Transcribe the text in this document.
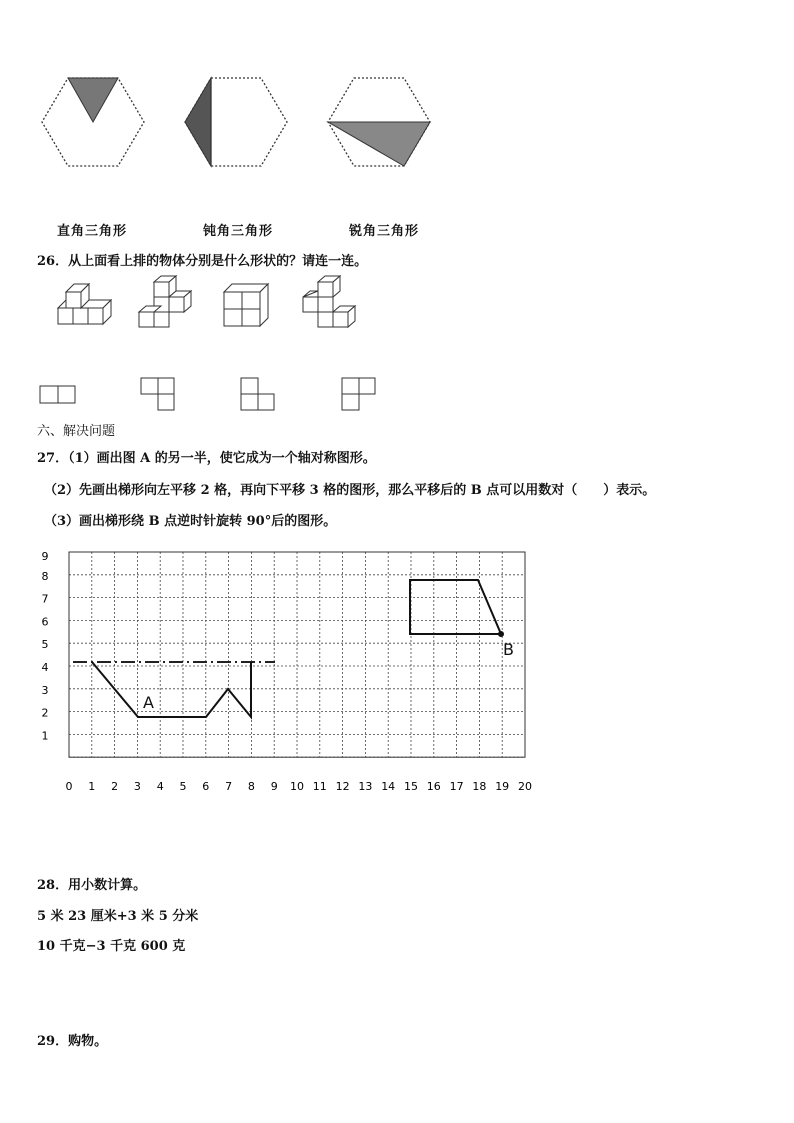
直角三角形	钝角三角形	锐角三角形
26．从上面看上排的物体分别是什么形状的？请连一连。
六、解决问题
27．（1）画出图 A 的另一半，使它成为一个轴对称图形。
（2）先画出梯形向左平移 2 格，再向下平移 3 格的图形，那么平移后的 B 点可以用数对（　　）表示。
（3）画出梯形绕 B 点逆时针旋转 90°后的图形。
0 1 2 3 4 5 6 7 8 9 10 11 12 13 14 15 16 17 18 19 20
1
2
3
4
5
6
7
8
9
A
B
28．用小数计算。
5 米 23 厘米+3 米 5 分米
10 千克−3 千克 600 克
29．购物。
